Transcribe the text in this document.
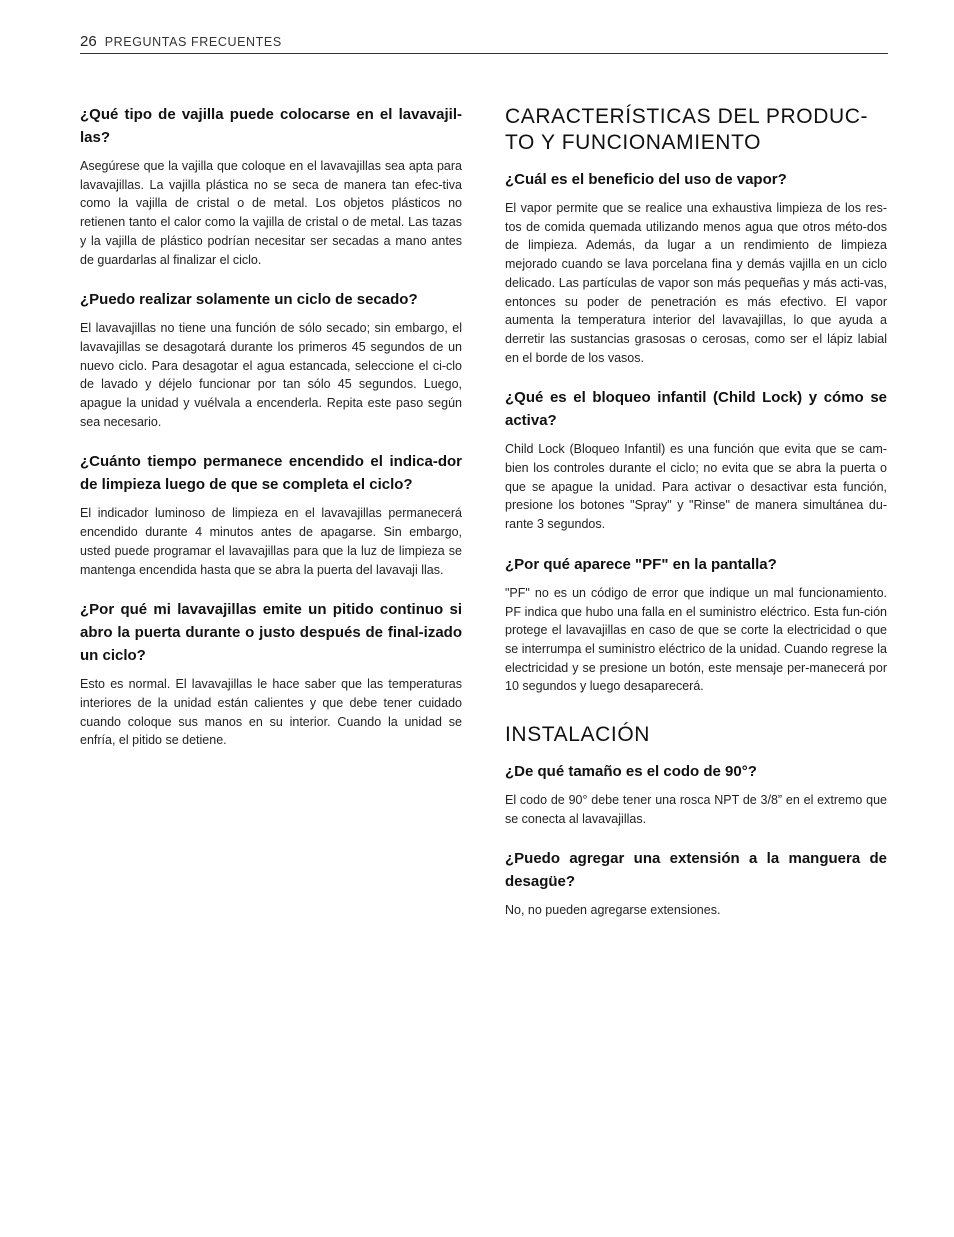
26 PREGUNTAS FRECUENTES
¿Qué tipo de vajilla puede colocarse en el lavavajil-las?

Asegúrese que la vajilla que coloque en el lavavajillas sea apta para lavavajillas. La vajilla plástica no se seca de manera tan efec-tiva como la vajilla de cristal o de metal. Los objetos plásticos no retienen tanto el calor como la vajilla de cristal o de metal. Las tazas y la vajilla de plástico podrían necesitar ser secadas a mano antes de guardarlas al finalizar el ciclo.

¿Puedo realizar solamente un ciclo de secado?

El lavavajillas no tiene una función de sólo secado; sin embargo, el lavavajillas se desagotará durante los primeros 45 segundos de un nuevo ciclo. Para desagotar el agua estancada, seleccione el ci-clo de lavado y déjelo funcionar por tan sólo 45 segundos. Luego, apague la unidad y vuélvala a encenderla. Repita este paso según sea necesario.

¿Cuánto tiempo permanece encendido el indica-dor de limpieza luego de que se completa el ciclo?

El indicador luminoso de limpieza en el lavavajillas permanecerá encendido durante 4 minutos antes de apagarse. Sin embargo, usted puede programar el lavavajillas para que la luz de limpieza se mantenga encendida hasta que se abra la puerta del lavavaji llas.

¿Por qué mi lavavajillas emite un pitido continuo si abro la puerta durante o justo después de final-izado un ciclo?

Esto es normal. El lavavajillas le hace saber que las temperaturas interiores de la unidad están calientes y que debe tener cuidado cuando coloque sus manos en su interior. Cuando la unidad se enfría, el pitido se detiene.

CARACTERÍSTICAS DEL PRODUC-TO Y FUNCIONAMIENTO
¿Cuál es el beneficio del uso de vapor?

El vapor permite que se realice una exhaustiva limpieza de los res-tos de comida quemada utilizando menos agua que otros méto-dos de limpieza. Además, da lugar a un rendimiento de limpieza mejorado cuando se lava porcelana fina y demás vajilla en un ciclo delicado. Las partículas de vapor son más pequeñas y más acti-vas, entonces su poder de penetración es más efectivo. El vapor aumenta la temperatura interior del lavavajillas, lo que ayuda a derretir las sustancias grasosas o cerosas, como ser el lápiz labial en el borde de los vasos.

¿Qué es el bloqueo infantil (Child Lock) y cómo se activa?

Child Lock (Bloqueo Infantil) es una función que evita que se cam-bien los controles durante el ciclo; no evita que se abra la puerta o que se apague la unidad. Para activar o desactivar esta función, presione los botones "Spray" y "Rinse" de manera simultánea du-rante 3 segundos.

¿Por qué aparece "PF" en la pantalla?

"PF" no es un código de error que indique un mal funcionamiento. PF indica que hubo una falla en el suministro eléctrico. Esta fun-ción protege el lavavajillas en caso de que se corte la electricidad o que se interrumpa el suministro eléctrico de la unidad. Cuando regrese la electricidad y se presione un botón, este mensaje per-manecerá por 10 segundos y luego desaparecerá.

INSTALACIÓN
¿De qué tamaño es el codo de 90°?

El codo de 90° debe tener una rosca NPT de 3/8” en el extremo que se conecta al lavavajillas.

¿Puedo agregar una extensión a la manguera de desagüe?

No, no pueden agregarse extensiones.
